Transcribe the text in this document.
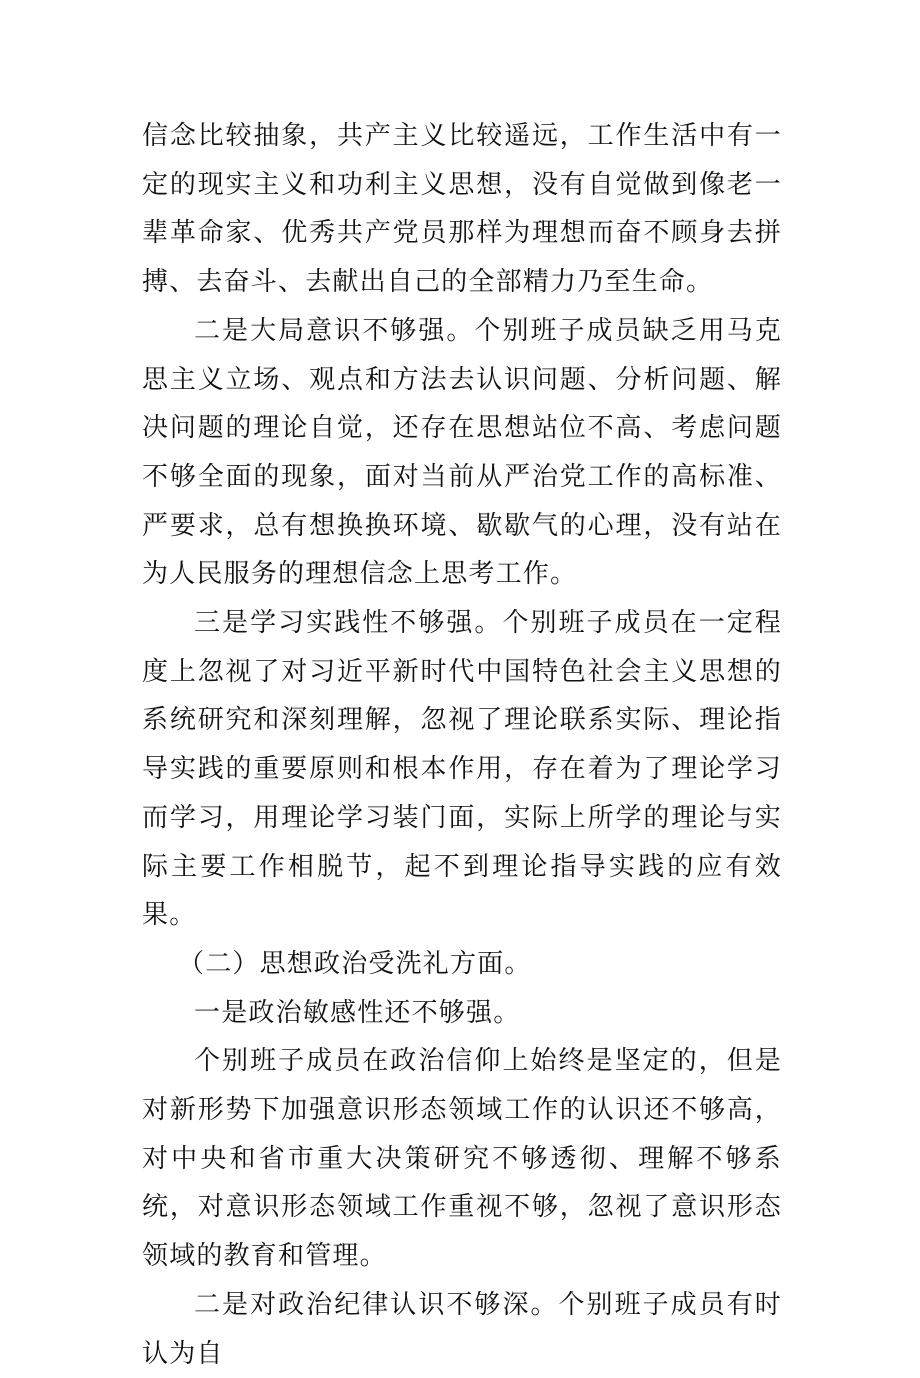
信念比较抽象，共产主义比较遥远，工作生活中有一定的现实主义和功利主义思想，没有自觉做到像老一辈革命家、优秀共产党员那样为理想而奋不顾身去拼搏、去奋斗、去献出自己的全部精力乃至生命。

二是大局意识不够强。个别班子成员缺乏用马克思主义立场、观点和方法去认识问题、分析问题、解决问题的理论自觉，还存在思想站位不高、考虑问题不够全面的现象，面对当前从严治党工作的高标准、严要求，总有想换换环境、歇歇气的心理，没有站在为人民服务的理想信念上思考工作。

三是学习实践性不够强。个别班子成员在一定程度上忽视了对习近平新时代中国特色社会主义思想的系统研究和深刻理解，忽视了理论联系实际、理论指导实践的重要原则和根本作用，存在着为了理论学习而学习，用理论学习装门面，实际上所学的理论与实际主要工作相脱节，起不到理论指导实践的应有效果。

（二）思想政治受洗礼方面。

一是政治敏感性还不够强。

个别班子成员在政治信仰上始终是坚定的，但是对新形势下加强意识形态领域工作的认识还不够高，对中央和省市重大决策研究不够透彻、理解不够系统，对意识形态领域工作重视不够，忽视了意识形态领域的教育和管理。

二是对政治纪律认识不够深。个别班子成员有时认为自
